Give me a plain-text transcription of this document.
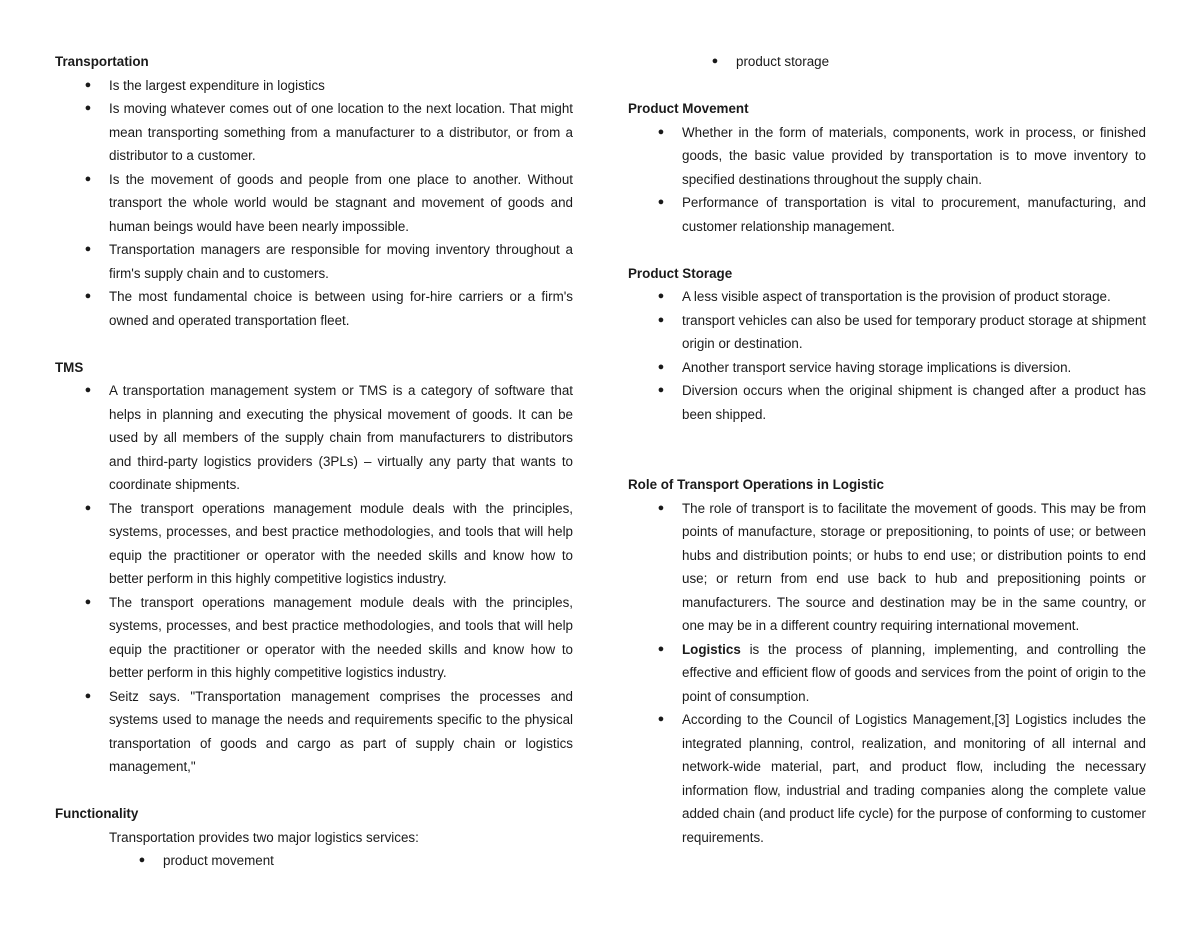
Transportation

● Is the largest expenditure in logistics
● Is moving whatever comes out of one location to the next location. That might mean transporting something from a manufacturer to a distributor, or from a distributor to a customer.
● Is the movement of goods and people from one place to another. Without transport the whole world would be stagnant and movement of goods and human beings would have been nearly impossible.
● Transportation managers are responsible for moving inventory throughout a firm's supply chain and to customers.
● The most fundamental choice is between using for-hire carriers or a firm's owned and operated transportation fleet.

TMS

● A transportation management system or TMS is a category of software that helps in planning and executing the physical movement of goods. It can be used by all members of the supply chain from manufacturers to distributors and third-party logistics providers (3PLs) – virtually any party that wants to coordinate shipments.
● The transport operations management module deals with the principles, systems, processes, and best practice methodologies, and tools that will help equip the practitioner or operator with the needed skills and know how to better perform in this highly competitive logistics industry.
● The transport operations management module deals with the principles, systems, processes, and best practice methodologies, and tools that will help equip the practitioner or operator with the needed skills and know how to better perform in this highly competitive logistics industry.
● Seitz says. "Transportation management comprises the processes and systems used to manage the needs and requirements specific to the physical transportation of goods and cargo as part of supply chain or logistics management,"

Functionality

Transportation provides two major logistics services:

● product movement
● product storage

Product Movement

● Whether in the form of materials, components, work in process, or finished goods, the basic value provided by transportation is to move inventory to specified destinations throughout the supply chain.
● Performance of transportation is vital to procurement, manufacturing, and customer relationship management.

Product Storage

● A less visible aspect of transportation is the provision of product storage.
● transport vehicles can also be used for temporary product storage at shipment origin or destination.
● Another transport service having storage implications is diversion.
● Diversion occurs when the original shipment is changed after a product has been shipped.

Role of Transport Operations in Logistic

● The role of transport is to facilitate the movement of goods. This may be from points of manufacture, storage or prepositioning, to points of use; or between hubs and distribution points; or hubs to end use; or distribution points to end use; or return from end use back to hub and prepositioning points or manufacturers. The source and destination may be in the same country, or one may be in a different country requiring international movement.
● Logistics is the process of planning, implementing, and controlling the effective and efficient flow of goods and services from the point of origin to the point of consumption.
● According to the Council of Logistics Management,[3] Logistics includes the integrated planning, control, realization, and monitoring of all internal and network-wide material, part, and product flow, including the necessary information flow, industrial and trading companies along the complete value added chain (and product life cycle) for the purpose of conforming to customer requirements.
